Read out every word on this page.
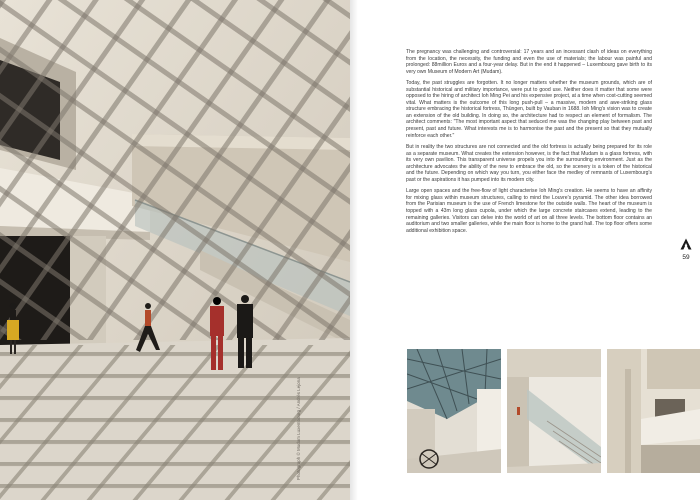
Photograph © Mudam Luxembourg / Andrés Lejona

The pregnancy was challenging and controversial: 17 years and an incessant clash of ideas on everything from the location, the necessity, the funding and even the use of materials; the labour was painful and prolonged: 88million Euros and a four-year delay. But in the end it happened – Luxembourg gave birth to its very own Museum of Modern Art (Mudam).

Today, the past struggles are forgotten. It no longer matters whether the museum grounds, which are of substantial historical and military importance, were put to good use. Neither does it matter that some were opposed to the hiring of architect Ioh Ming Pei and his expensive project, at a time when cost-cutting seemed vital. What matters is the outcome of this long push-pull – a massive, modern and awe-striking glass structure embracing the historical fortress, Thüngen, built by Vauban in 1688. Ioh Ming's vision was to create an extension of the old building. In doing so, the architecture had to respect an element of formalism. The architect comments: "The most important aspect that seduced me was the changing play between past and present, past and future. What interests me is to harmonise the past and the present so that they mutually reinforce each other."

But in reality the two structures are not connected and the old fortress is actually being prepared for its role as a separate museum. What creates the extension however, is the fact that Mudam is a glass fortress, with its very own pavilion. This transparent universe propels you into the surrounding environment. Just as the architecture advocates the ability of the new to embrace the old, so the scenery is a token of the historical and the future. Depending on which way you turn, you either face the medley of remnants of Luxembourg's past or the aspirations it has pumped into its modern city.

Large open spaces and the free-flow of light characterise Ioh Ming's creation. He seems to have an affinity for mixing glass within museum structures, calling to mind the Louvre's pyramid. The other idea borrowed from the Parisian museum is the use of French limestone for the outside walls. The heart of the museum is topped with a 43m long glass cupola, under which the large concrete staircases extend, leading to the remaining galleries. Visitors can delve into the world of art on all three levels. The bottom floor contains an auditorium and two smaller galleries, while the main floor is home to the grand hall. The top floor offers some additional exhibition space.

59
